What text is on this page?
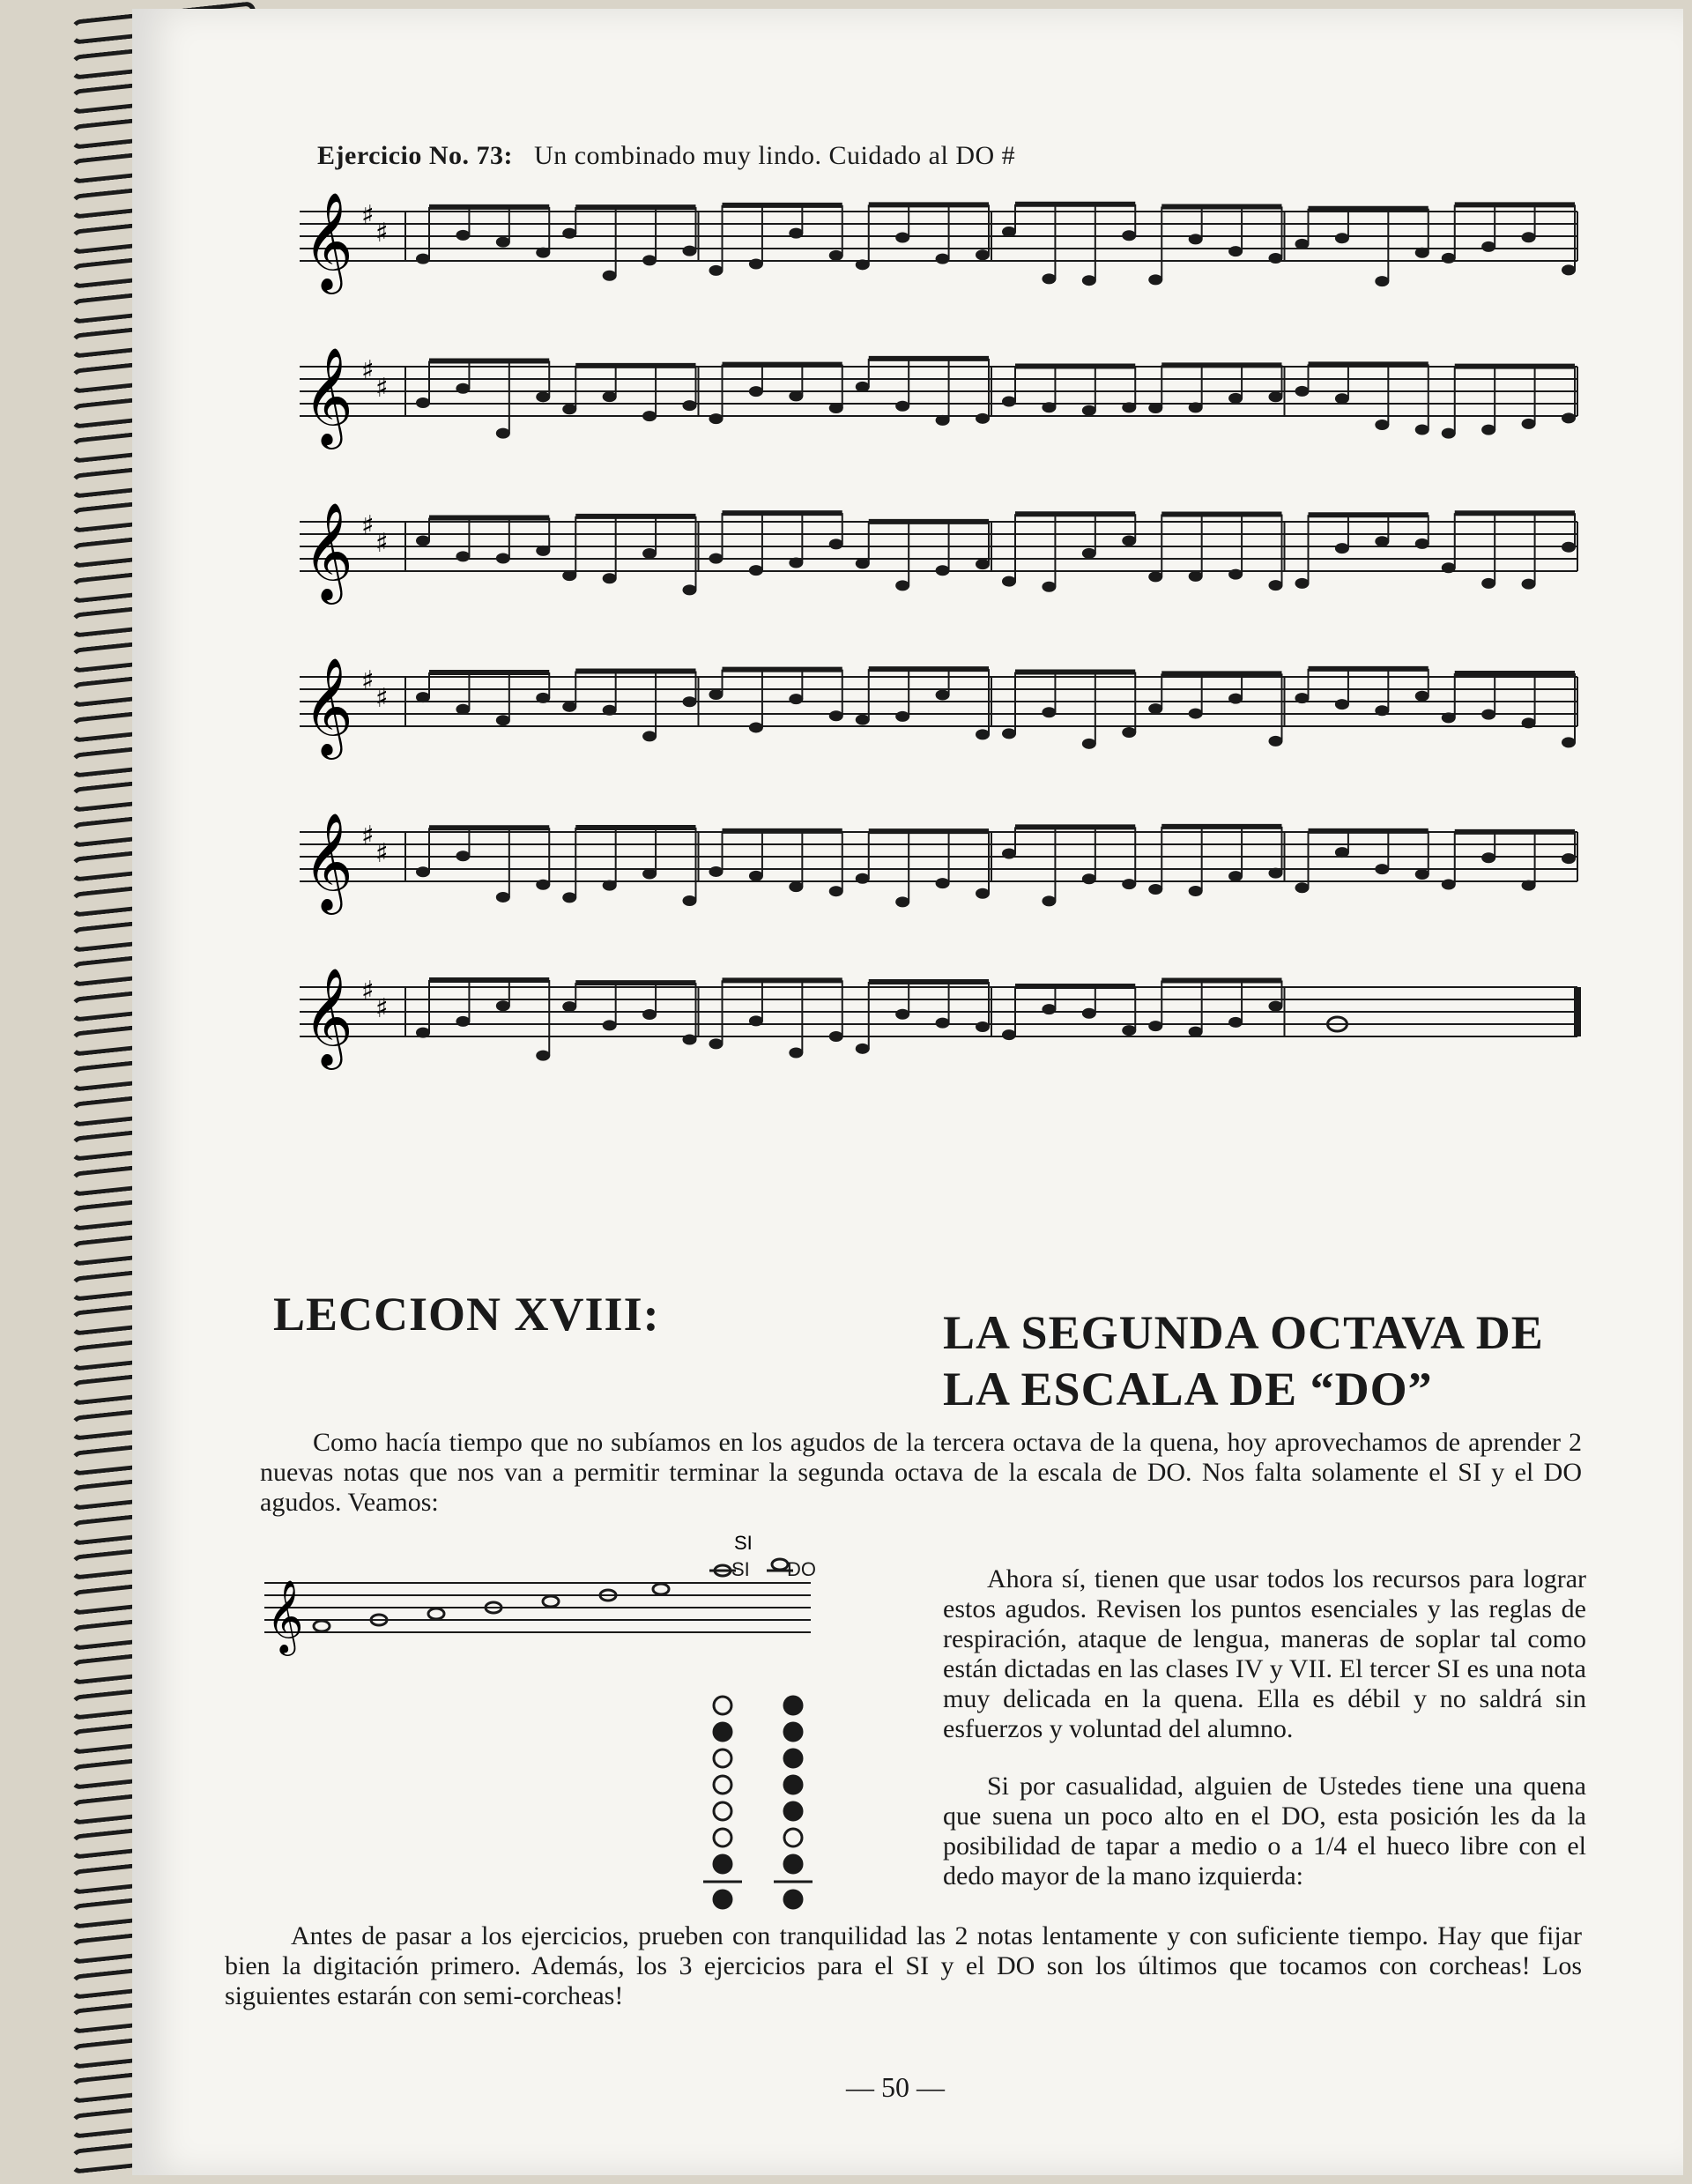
Ejercicio No. 73: Un combinado muy lindo. Cuidado al DO #
𝄞 ♯
♯
𝄞 ♯
♯
𝄞 ♯
♯
𝄞 ♯
♯
𝄞 ♯
♯
𝄞 ♯
♯
LECCION XVIII:	LA SEGUNDA OCTAVA DE
LA ESCALA DE “DO”
Como hacía tiempo que no subíamos en los agudos de la tercera octava de la quena, hoy aprovechamos de aprender 2 nuevas notas que nos van a permitir terminar la segunda octava de la escala de DO. Nos falta solamente el SI y el DO agudos. Veamos:
𝄞
SI
SI DO	Ahora sí, tienen que usar todos los recursos para lograr estos agudos. Revisen los puntos esenciales y las reglas de respiración, ataque de lengua, maneras de soplar tal como están dictadas en las clases IV y VII. El tercer SI es una nota muy delicada en la quena. Ella es débil y no saldrá sin esfuerzos y voluntad del alumno.
Si por casualidad, alguien de Ustedes tiene una quena que suena un poco alto en el DO, esta posición les da la posibilidad de tapar a medio o a 1/4 el hueco libre con el dedo mayor de la mano izquierda:
Antes de pasar a los ejercicios, prueben con tranquilidad las 2 notas lentamente y con suficiente tiempo. Hay que fijar bien la digitación primero. Además, los 3 ejercicios para el SI y el DO son los últimos que tocamos con corcheas! Los siguientes estarán con semi-corcheas!
— 50 —
